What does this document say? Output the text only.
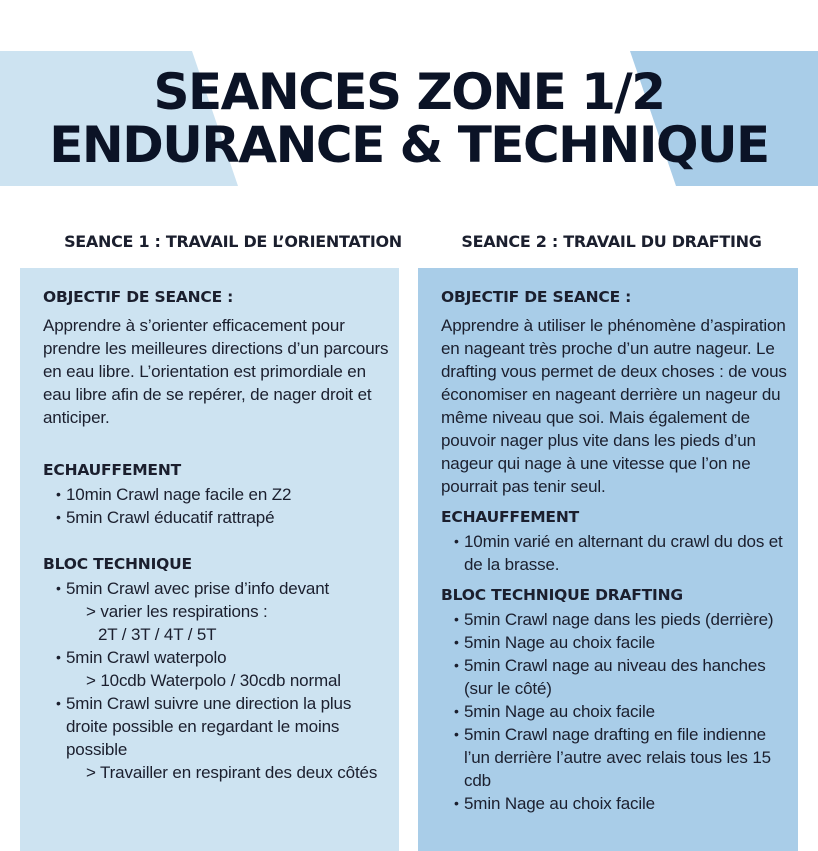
SEANCES ZONE 1/2
ENDURANCE & TECHNIQUE
SEANCE 1 : TRAVAIL DE L’ORIENTATION	SEANCE 2 : TRAVAIL DU DRAFTING

OBJECTIF DE SEANCE :

Apprendre à s’orienter efficacement pour prendre les meilleures directions d’un parcours en eau libre. L’orientation est primordiale en eau libre afin de se repérer, de nager droit et anticiper.

ECHAUFFEMENT

• 10min Crawl nage facile en Z2
• 5min Crawl éducatif rattrapé

BLOC TECHNIQUE

• 5min Crawl avec prise d’info devant
> varier les respirations :
2T / 3T / 4T / 5T
• 5min Crawl waterpolo
> 10cdb Waterpolo / 30cdb normal
• 5min Crawl suivre une direction la plus droite possible en regardant le moins possible
> Travailler en respirant des deux côtés

OBJECTIF DE SEANCE :

Apprendre à utiliser le phénomène d’aspiration en nageant très proche d’un autre nageur. Le drafting vous permet de deux choses : de vous économiser en nageant derrière un nageur du même niveau que soi. Mais également de pouvoir nager plus vite dans les pieds d’un nageur qui nage à une vitesse que l’on ne pourrait pas tenir seul.

ECHAUFFEMENT

• 10min varié en alternant du crawl du dos et de la brasse.

BLOC TECHNIQUE DRAFTING

• 5min Crawl nage dans les pieds (derrière)
• 5min Nage au choix facile
• 5min Crawl nage au niveau des hanches (sur le côté)
• 5min Nage au choix facile
• 5min Crawl nage drafting en file indienne l’un derrière l’autre avec relais tous les 15 cdb
• 5min Nage au choix facile
